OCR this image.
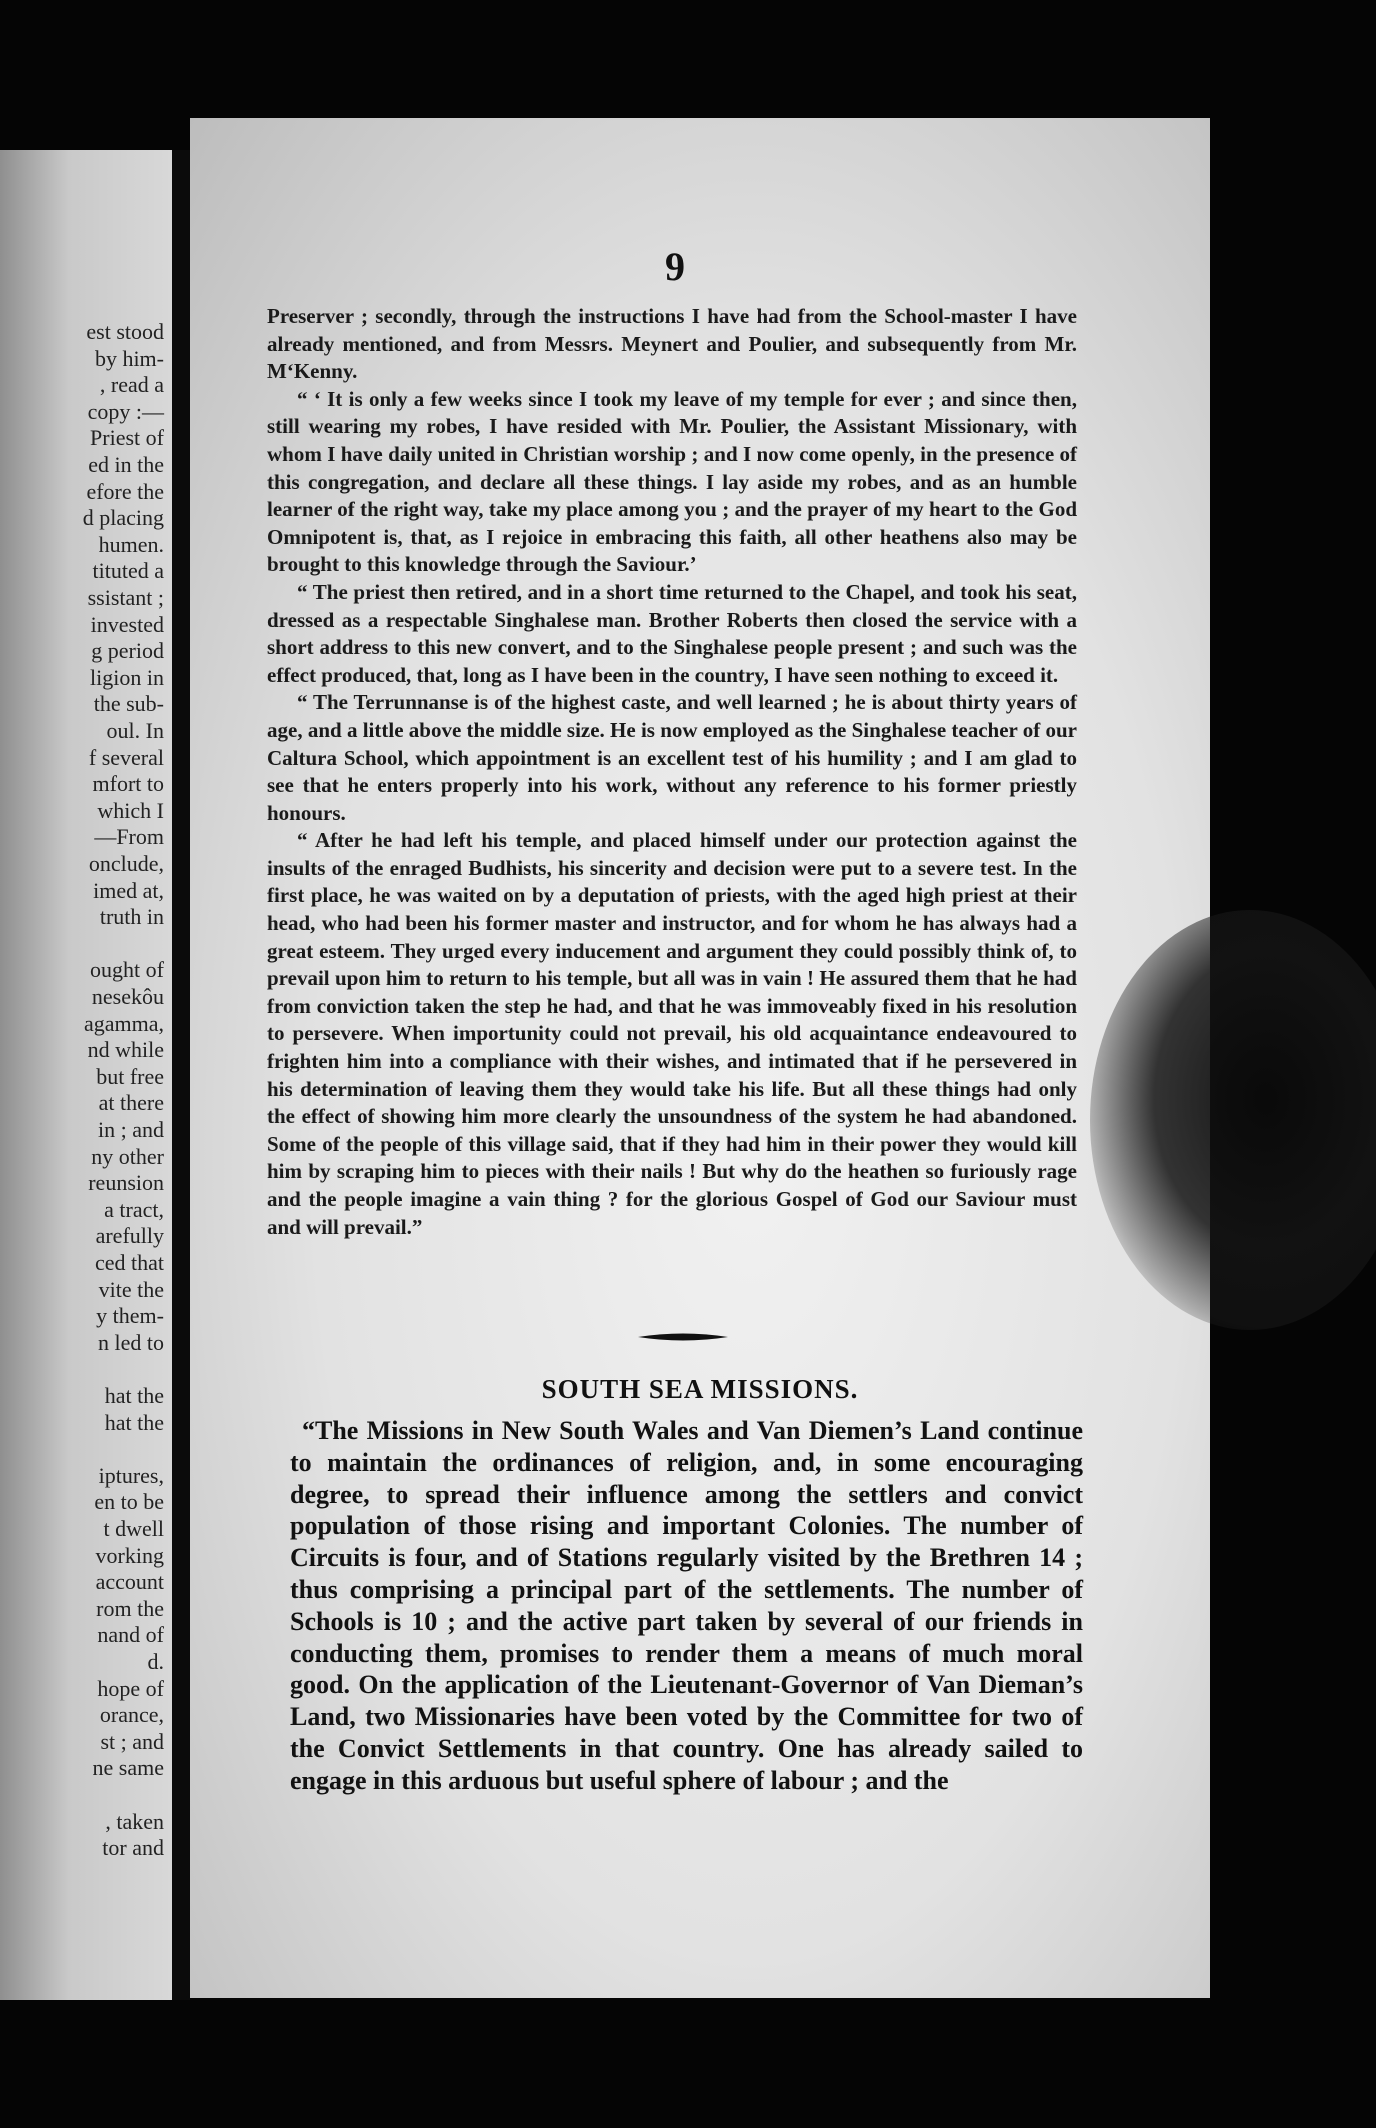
est stood
by him-
, read a
copy :—
Priest of
ed in the
efore the
d placing
humen.
tituted a
ssistant ;
invested
g period
ligion in
the sub-
oul. In
f several
mfort to
which I
—From
onclude,
imed at,
truth in
ought of
nesekôu
agamma,
nd while
but free
at there
in ; and
ny other
reunsion
a tract,
arefully
ced that
vite the
y them-
n led to
hat the
hat the
iptures,
en to be
t dwell
vorking
account
rom the
nand of
d.
hope of
orance,
st ; and
ne same
, taken
tor and
9

Preserver ; secondly, through the instructions I have had from the School-master I have already mentioned, and from Messrs. Meynert and Poulier, and subsequently from Mr. M‘Kenny.

“ ‘ It is only a few weeks since I took my leave of my temple for ever ; and since then, still wearing my robes, I have resided with Mr. Poulier, the Assistant Missionary, with whom I have daily united in Christian worship ; and I now come openly, in the presence of this congregation, and declare all these things. I lay aside my robes, and as an humble learner of the right way, take my place among you ; and the prayer of my heart to the God Omnipotent is, that, as I rejoice in embracing this faith, all other heathens also may be brought to this knowledge through the Saviour.’

“ The priest then retired, and in a short time returned to the Chapel, and took his seat, dressed as a respectable Singhalese man. Brother Roberts then closed the service with a short address to this new convert, and to the Singhalese people present ; and such was the effect produced, that, long as I have been in the country, I have seen nothing to exceed it.

“ The Terrunnanse is of the highest caste, and well learned ; he is about thirty years of age, and a little above the middle size. He is now employed as the Singhalese teacher of our Caltura School, which appointment is an excellent test of his humility ; and I am glad to see that he enters properly into his work, without any reference to his former priestly honours.

“ After he had left his temple, and placed himself under our protection against the insults of the enraged Budhists, his sincerity and decision were put to a severe test. In the first place, he was waited on by a deputation of priests, with the aged high priest at their head, who had been his former master and instructor, and for whom he has always had a great esteem. They urged every inducement and argument they could possibly think of, to prevail upon him to return to his temple, but all was in vain ! He assured them that he had from conviction taken the step he had, and that he was immoveably fixed in his resolution to persevere. When importunity could not prevail, his old acquaintance endeavoured to frighten him into a compliance with their wishes, and intimated that if he persevered in his determination of leaving them they would take his life. But all these things had only the effect of showing him more clearly the unsoundness of the system he had abandoned. Some of the people of this village said, that if they had him in their power they would kill him by scraping him to pieces with their nails ! But why do the heathen so furiously rage and the people imagine a vain thing ? for the glorious Gospel of God our Saviour must and will prevail.”

SOUTH SEA MISSIONS.

“The Missions in New South Wales and Van Diemen’s Land continue to maintain the ordinances of religion, and, in some encouraging degree, to spread their influence among the settlers and convict population of those rising and important Colonies. The number of Circuits is four, and of Stations regularly visited by the Brethren 14 ; thus comprising a principal part of the settlements. The number of Schools is 10 ; and the active part taken by several of our friends in conducting them, promises to render them a means of much moral good. On the application of the Lieutenant-Governor of Van Dieman’s Land, two Missionaries have been voted by the Committee for two of the Convict Settlements in that country. One has already sailed to engage in this arduous but useful sphere of labour ; and the
